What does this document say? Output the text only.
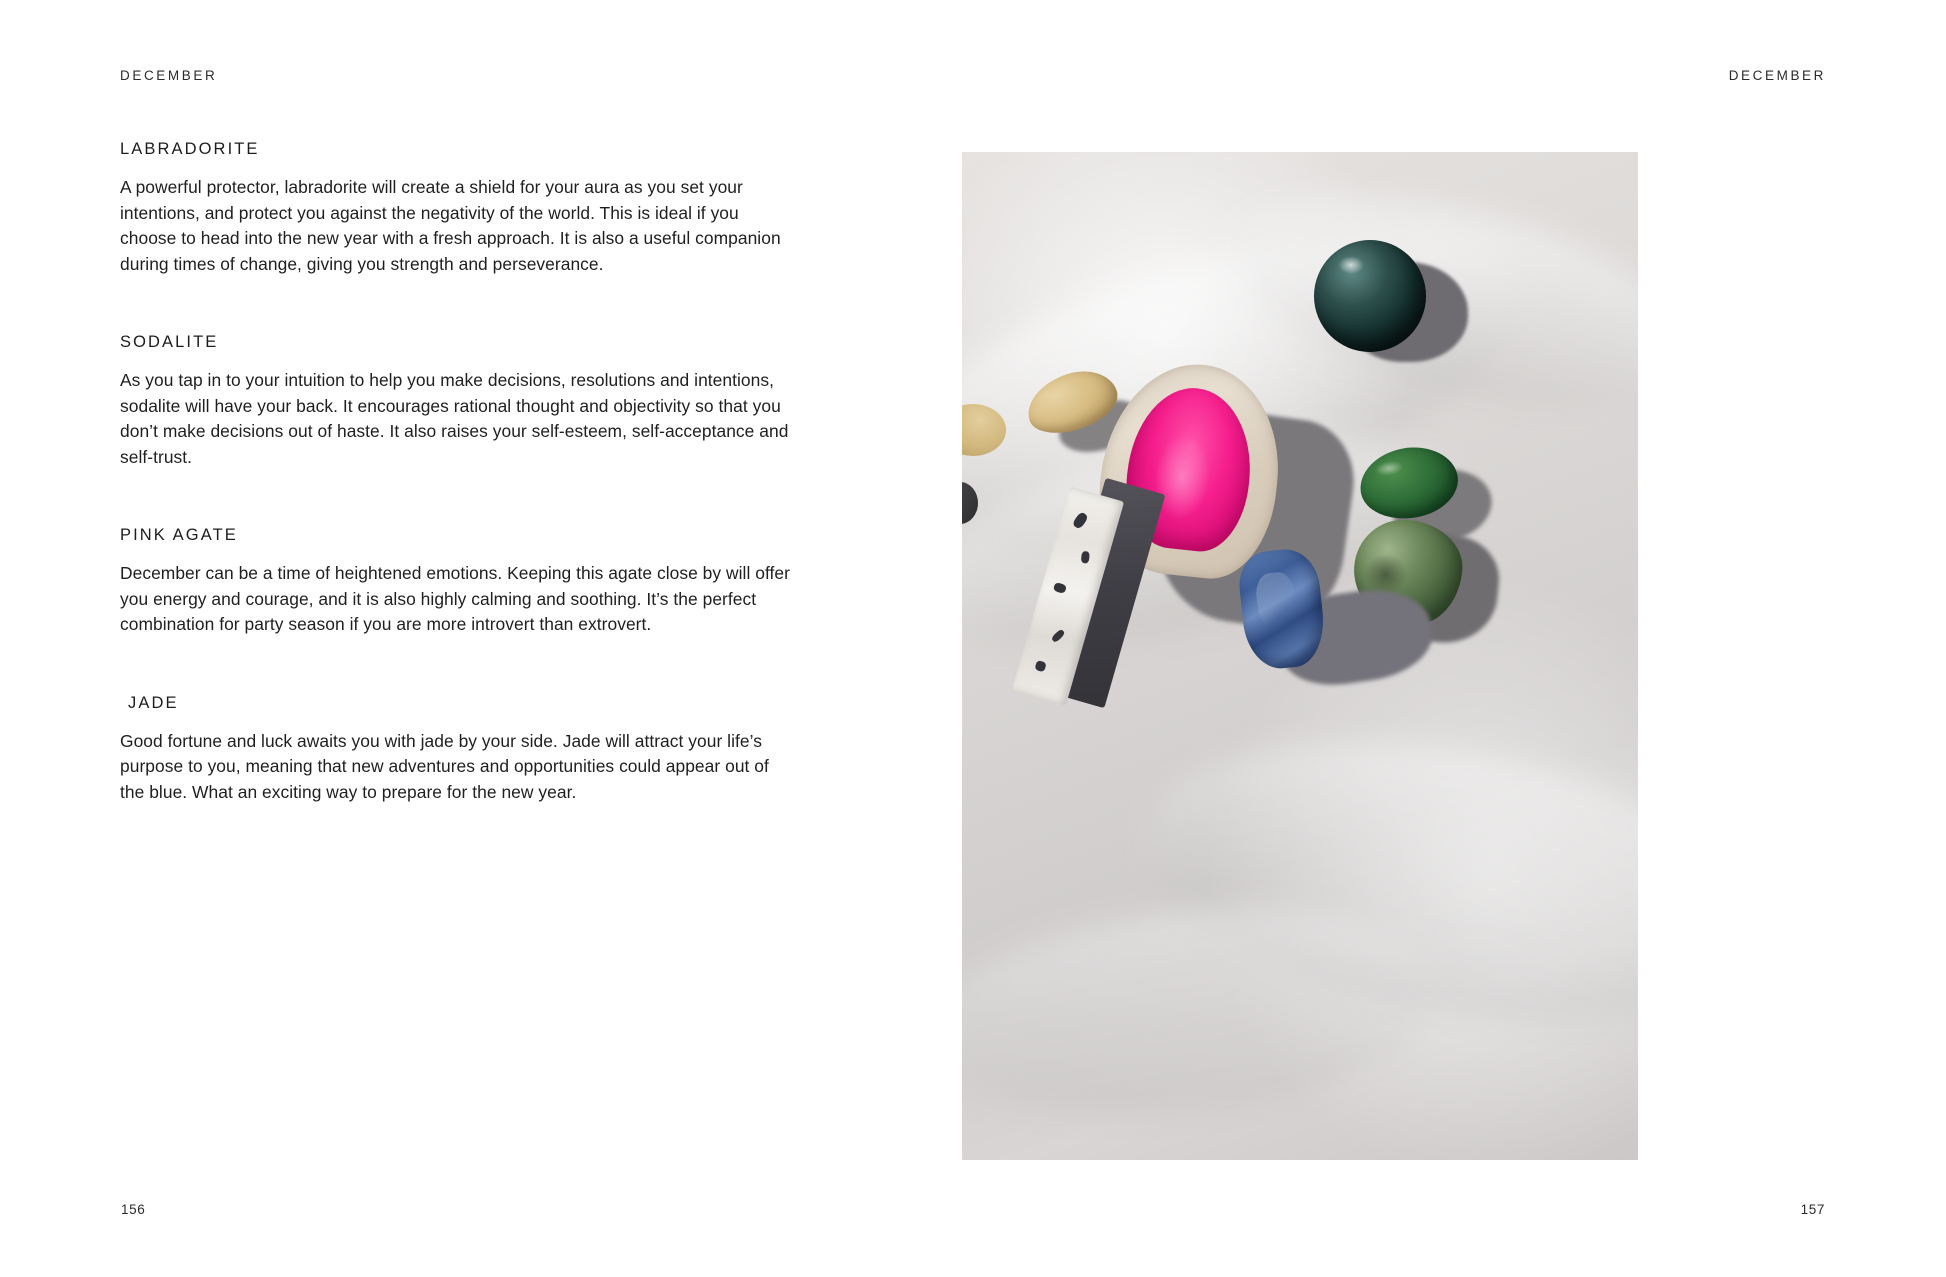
DECEMBER
LABRADORITE

A powerful protector, labradorite will create a shield for your aura as you set your intentions, and protect you against the negativity of the world. This is ideal if you choose to head into the new year with a fresh approach. It is also a useful companion during times of change, giving you strength and perseverance.

SODALITE

As you tap in to your intuition to help you make decisions, resolutions and intentions, sodalite will have your back. It encourages rational thought and objectivity so that you don’t make decisions out of haste. It also raises your self-esteem, self-acceptance and self-trust.

PINK AGATE

December can be a time of heightened emotions. Keeping this agate close by will offer you energy and courage, and it is also highly calming and soothing. It’s the perfect combination for party season if you are more introvert than extrovert.

JADE

Good fortune and luck awaits you with jade by your side. Jade will attract your life’s purpose to you, meaning that new adventures and opportunities could appear out of the blue. What an exciting way to prepare for the new year.

156
DECEMBER
157
